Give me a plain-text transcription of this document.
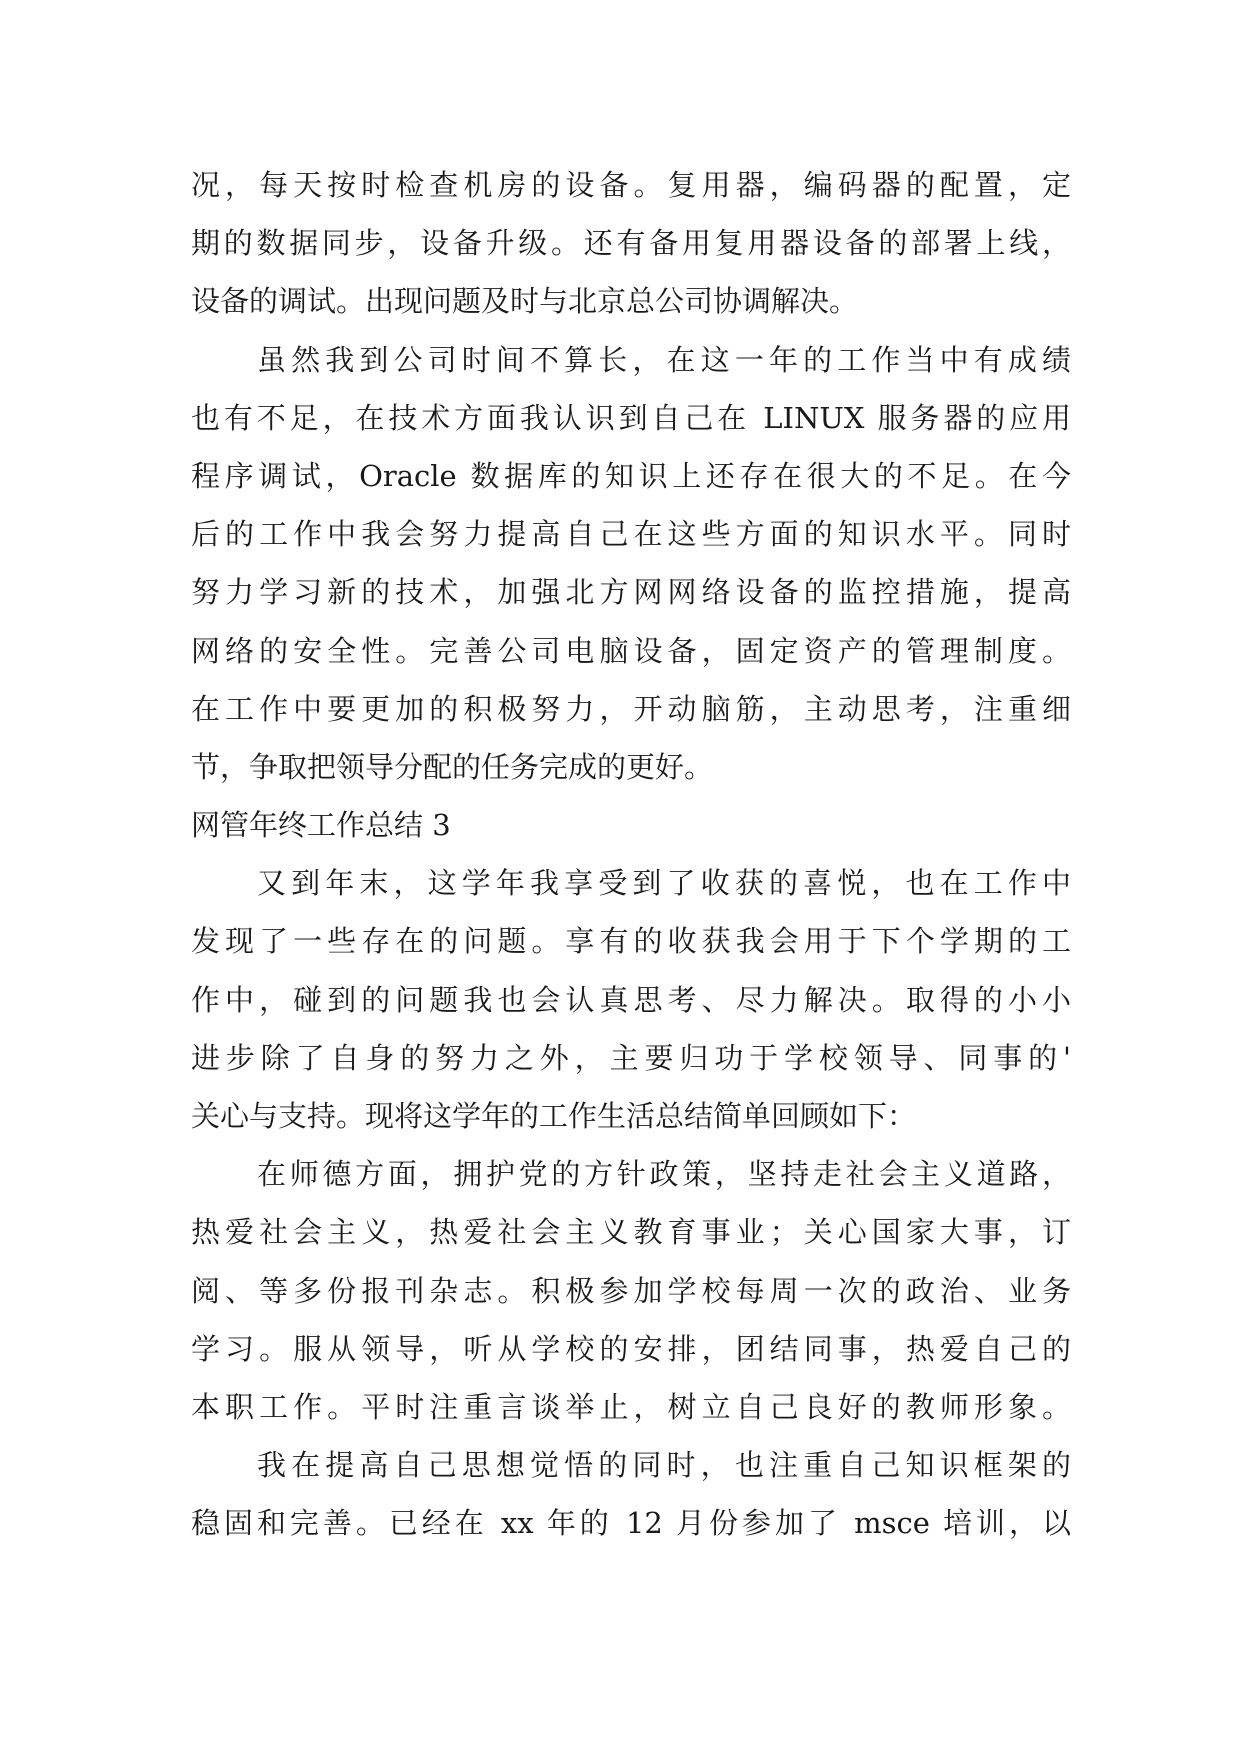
况，每天按时检查机房的设备。复用器，编码器的配置，定
期的数据同步，设备升级。还有备用复用器设备的部署上线，
设备的调试。出现问题及时与北京总公司协调解决。
虽然我到公司时间不算长，在这一年的工作当中有成绩
也有不足，在技术方面我认识到自己在 LINUX 服务器的应用
程序调试，Oracle 数据库的知识上还存在很大的不足。在今
后的工作中我会努力提高自己在这些方面的知识水平。同时
努力学习新的技术，加强北方网网络设备的监控措施，提高
网络的安全性。完善公司电脑设备，固定资产的管理制度。
在工作中要更加的积极努力，开动脑筋，主动思考，注重细
节，争取把领导分配的任务完成的更好。
网管年终工作总结 3
又到年末，这学年我享受到了收获的喜悦，也在工作中
发现了一些存在的问题。享有的收获我会用于下个学期的工
作中，碰到的问题我也会认真思考、尽力解决。取得的小小
进步除了自身的努力之外，主要归功于学校领导、同事的'
关心与支持。现将这学年的工作生活总结简单回顾如下：
在师德方面，拥护党的方针政策，坚持走社会主义道路，
热爱社会主义，热爱社会主义教育事业；关心国家大事，订
阅、等多份报刊杂志。积极参加学校每周一次的政治、业务
学习。服从领导，听从学校的安排，团结同事，热爱自己的
本职工作。平时注重言谈举止，树立自己良好的教师形象。
我在提高自己思想觉悟的同时，也注重自己知识框架的
稳固和完善。已经在 xx 年的 12 月份参加了 msce 培训，以
